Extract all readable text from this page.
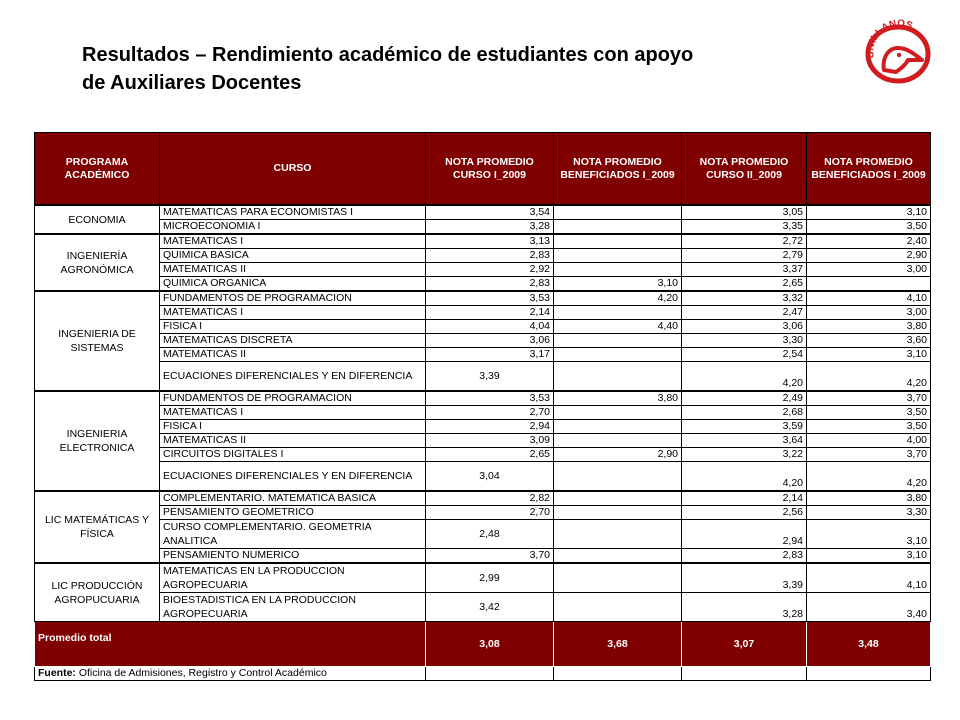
Resultados – Rendimiento académico de estudiantes con apoyo
de Auxiliares Docentes
UNILLANOS
PROGRAMA ACADÉMICO	CURSO	NOTA PROMEDIO CURSO I_2009	NOTA PROMEDIO BENEFICIADOS I_2009	NOTA PROMEDIO CURSO II_2009	NOTA PROMEDIO BENEFICIADOS I_2009
ECONOMIA	MATEMATICAS PARA ECONOMISTAS I	3,54		3,05	3,10
	MICROECONOMIA I	3,28		3,35	3,50
INGENIERÍA AGRONÓMICA	MATEMATICAS I	3,13		2,72	2,40
	QUIMICA BASICA	2,83		2,79	2,90
	MATEMATICAS II	2,92		3,37	3,00
	QUIMICA ORGANICA	2,83	3,10	2,65	
INGENIERIA DE SISTEMAS	FUNDAMENTOS DE PROGRAMACION	3,53	4,20	3,32	4,10
	MATEMATICAS I	2,14		2,47	3,00
	FISICA I	4,04	4,40	3,06	3,80
	MATEMATICAS DISCRETA	3,06		3,30	3,60
	MATEMATICAS II	3,17		2,54	3,10
	ECUACIONES DIFERENCIALES Y EN DIFERENCIA	3,39		4,20	4,20
INGENIERIA ELECTRONICA	FUNDAMENTOS DE PROGRAMACION	3,53	3,80	2,49	3,70
	MATEMATICAS I	2,70		2,68	3,50
	FISICA I	2,94		3,59	3,50
	MATEMATICAS II	3,09		3,64	4,00
	CIRCUITOS DIGITALES I	2,65	2,90	3,22	3,70
	ECUACIONES DIFERENCIALES Y EN DIFERENCIA	3,04		4,20	4,20
LIC MATEMÁTICAS Y FÍSICA	COMPLEMENTARIO. MATEMATICA BASICA	2,82		2,14	3,80
	PENSAMIENTO GEOMETRICO	2,70		2,56	3,30
	CURSO COMPLEMENTARIO. GEOMETRIA ANALITICA	2,48		2,94	3,10
	PENSAMIENTO NUMERICO	3,70		2,83	3,10
LIC PRODUCCIÓN AGROPUCUARIA	MATEMATICAS EN LA PRODUCCION AGROPECUARIA	2,99		3,39	4,10
	BIOESTADISTICA EN LA PRODUCCION AGROPECUARIA	3,42		3,28	3,40
Promedio total		3,08	3,68	3,07	3,48
Fuente: Oficina de Admisiones, Registro y Control Académico					
